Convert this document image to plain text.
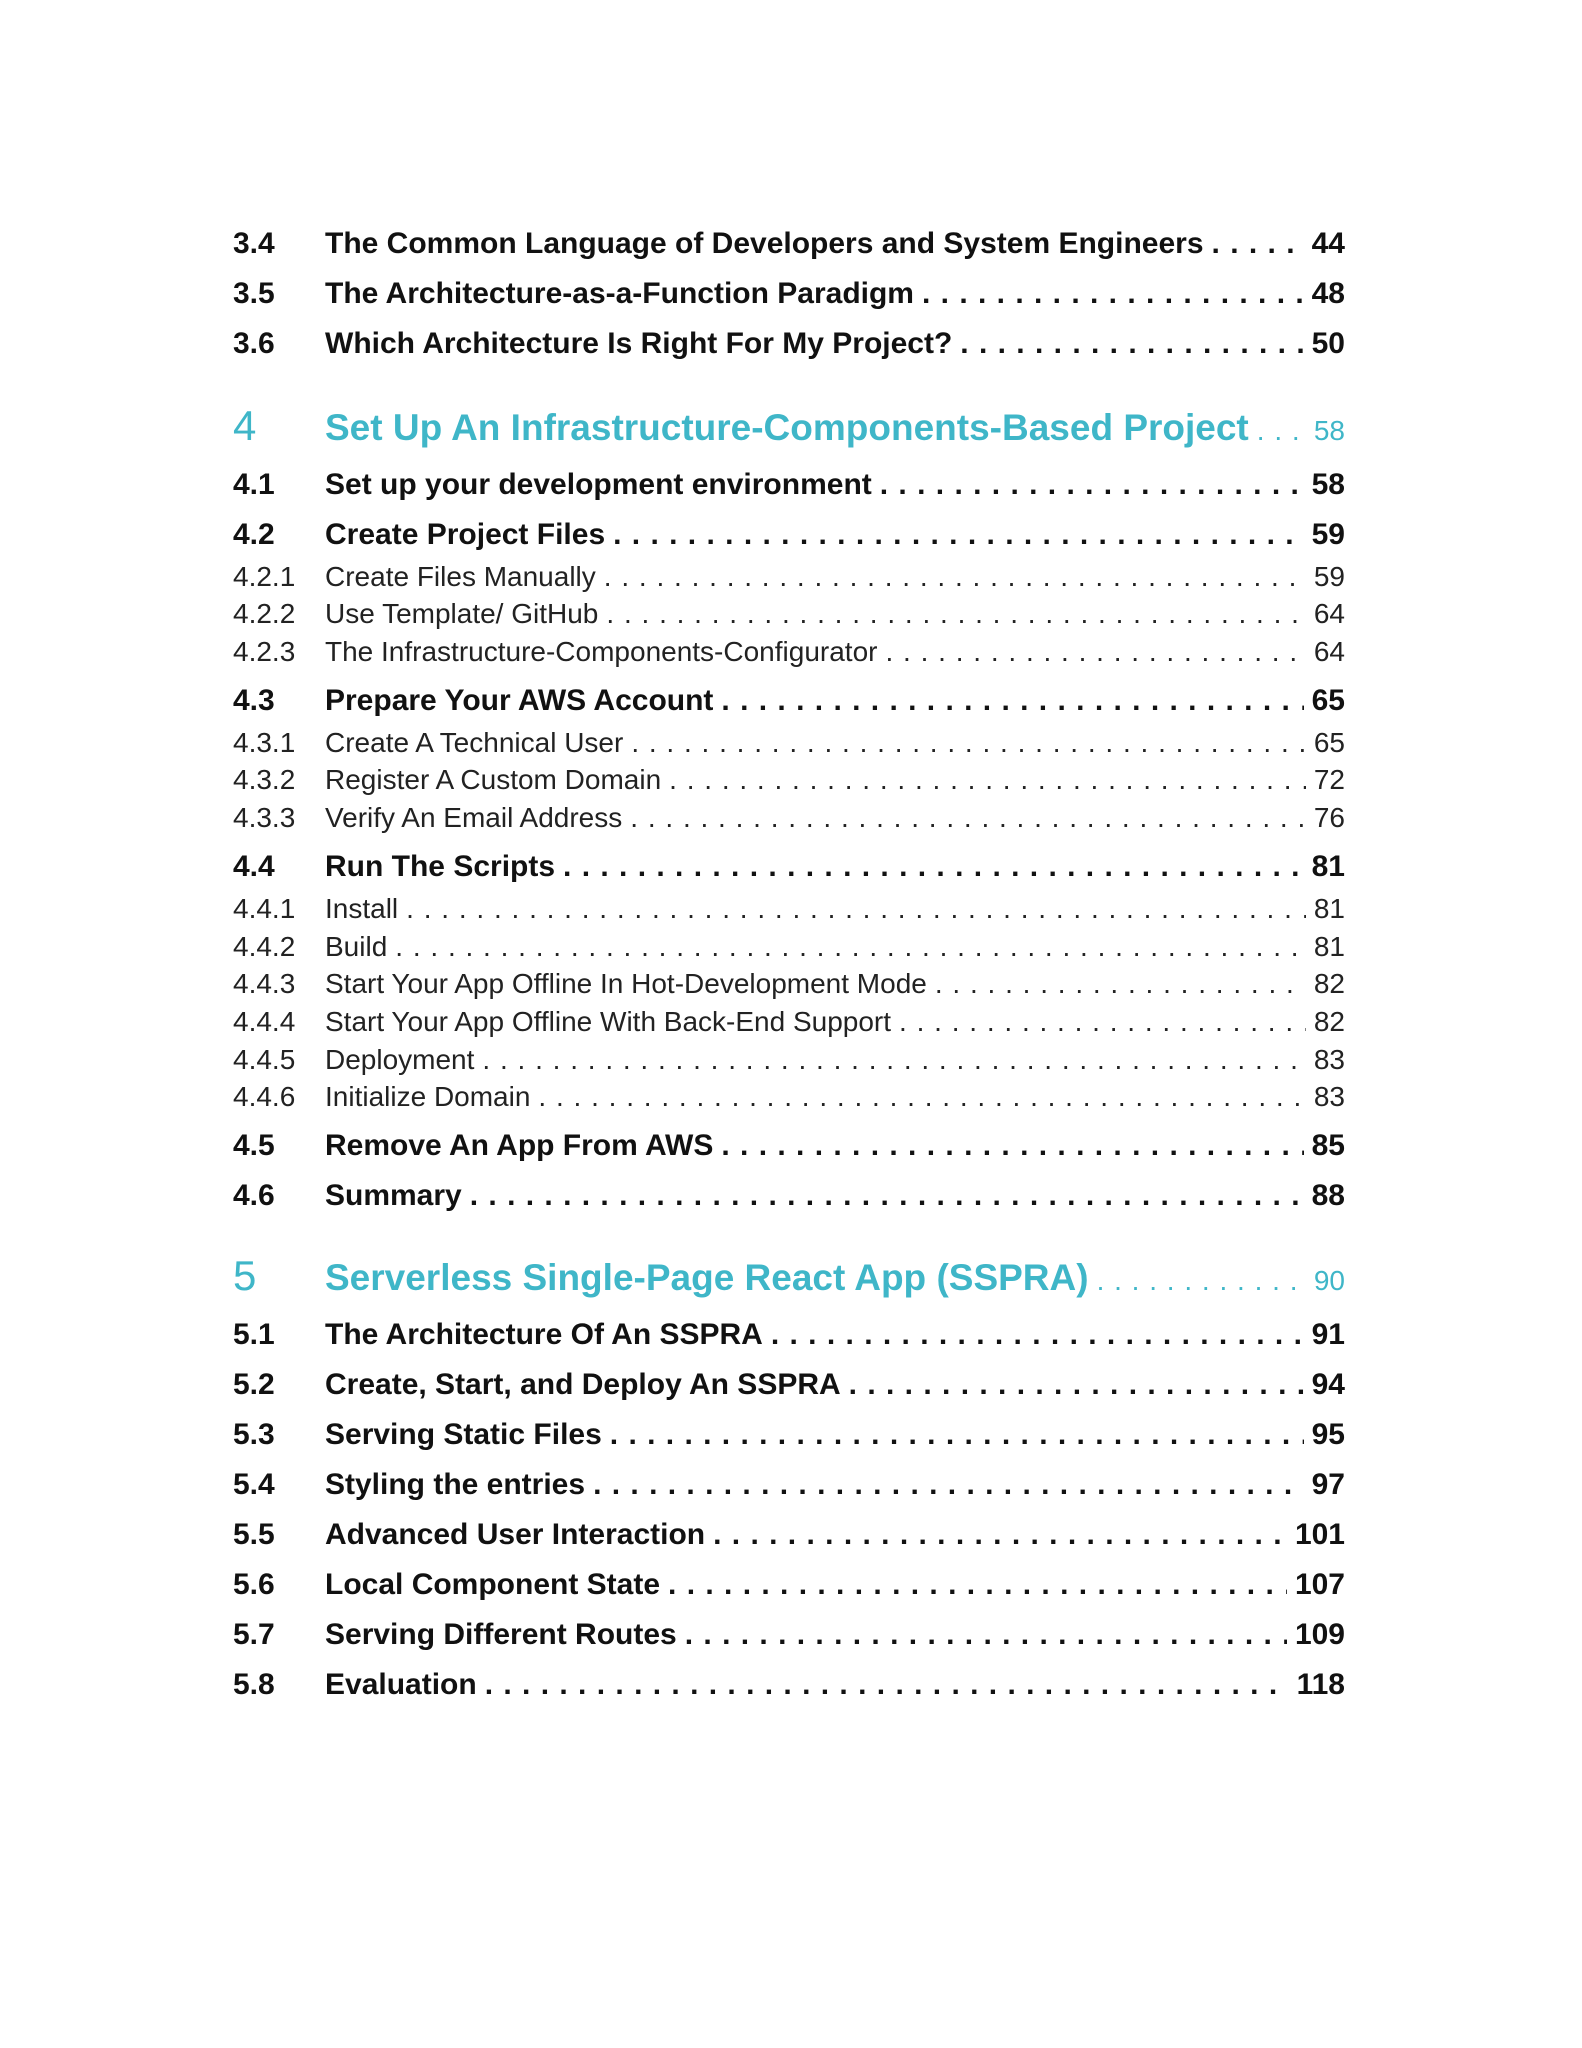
3.4	The Common Language of Developers and System Engineers . . .	44
3.5	The Architecture-as-a-Function Paradigm . . .	48
3.6	Which Architecture Is Right For My Project? . . .	50
4	Set Up An Infrastructure-Components-Based Project . . . 58
4.1	Set up your development environment . . .	58
4.2	Create Project Files . . .	59
4.2.1	Create Files Manually . . .	59
4.2.2	Use Template/ GitHub . . .	64
4.2.3	The Infrastructure-Components-Configurator . . .	64
4.3	Prepare Your AWS Account . . .	65
4.3.1	Create A Technical User . . .	65
4.3.2	Register A Custom Domain . . .	72
4.3.3	Verify An Email Address . . .	76
4.4	Run The Scripts . . .	81
4.4.1	Install . . .	81
4.4.2	Build . . .	81
4.4.3	Start Your App Offline In Hot-Development Mode . . .	82
4.4.4	Start Your App Offline With Back-End Support . . .	82
4.4.5	Deployment . . .	83
4.4.6	Initialize Domain . . .	83
4.5	Remove An App From AWS . . .	85
4.6	Summary . . .	88
5	Serverless Single-Page React App (SSPRA) . . .	90
5.1	The Architecture Of An SSPRA . . .	91
5.2	Create, Start, and Deploy An SSPRA . . .	94
5.3	Serving Static Files . . .	95
5.4	Styling the entries . . .	97
5.5	Advanced User Interaction . . .	101
5.6	Local Component State . . .	107
5.7	Serving Different Routes . . .	109
5.8	Evaluation . . .	118
